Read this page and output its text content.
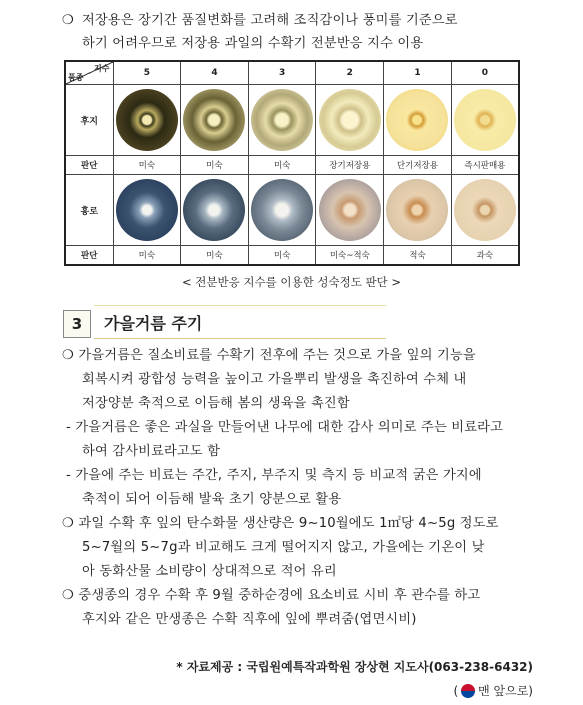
❍ 저장용은 장기간 품질변화를 고려해 조직감이나 풍미를 기준으로
하기 어려우므로 저장용 과일의 수확기 전분반응 지수 이용
지수
품종	5	4	3	2	1	0
후지	

판단	미숙	미숙	미숙	장기저장용	단기저장용	즉시판매용
홍로	

판단	미숙	미숙	미숙	미숙~적숙	적숙	과숙
< 전분반응 지수를 이용한 성숙정도 판단 >
3	가을거름 주기
❍ 가을거름은 질소비료를 수확기 전후에 주는 것으로 가을 잎의 기능을
회복시켜 광합성 능력을 높이고 가을뿌리 발생을 촉진하여 수체 내
저장양분 축적으로 이듬해 봄의 생육을 촉진함
- 가을거름은 좋은 과실을 만들어낸 나무에 대한 감사 의미로 주는 비료라고
하여 감사비료라고도 함
- 가을에 주는 비료는 주간, 주지, 부주지 및 측지 등 비교적 굵은 가지에
축적이 되어 이듬해 발육 초기 양분으로 활용
❍ 과일 수확 후 잎의 탄수화물 생산량은 9~10월에도 1㎡당 4~5g 정도로
5~7월의 5~7g과 비교해도 크게 떨어지지 않고, 가을에는 기온이 낮
아 동화산물 소비량이 상대적으로 적어 유리
❍ 중생종의 경우 수확 후 9월 중하순경에 요소비료 시비 후 관수를 하고
후지와 같은 만생종은 수확 직후에 잎에 뿌려줌(엽면시비)
* 자료제공 : 국립원예특작과학원 장상현 지도사(063-238-6432)
( 맨 앞으로)
